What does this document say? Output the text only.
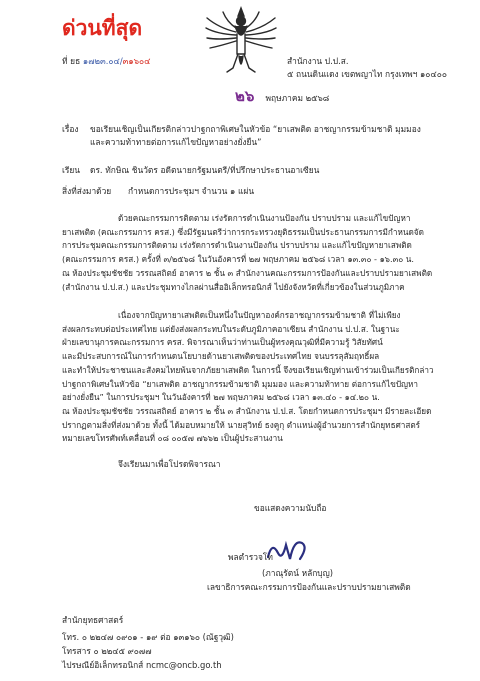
ด่วนที่สุด
ที่ ยธ ๑๗๒๓.๐๔/๓๑๖๐๔	สำนักงาน ป.ป.ส.
๕ ถนนดินแดง เขตพญาไท กรุงเทพฯ ๑๐๔๐๐
๒๖ พฤษภาคม ๒๕๖๘
เรื่อง ขอเรียนเชิญเป็นเกียรติกล่าวปาฐกถาพิเศษในหัวข้อ “ยาเสพติด อาชญากรรมข้ามชาติ มุมมอง
และความท้าทายต่อการแก้ไขปัญหาอย่างยั่งยืน”
เรียน ดร. ทักษิณ ชินวัตร อดีตนายกรัฐมนตรี/ที่ปรึกษาประธานอาเซียน
สิ่งที่ส่งมาด้วย กำหนดการประชุมฯ จำนวน ๑ แผ่น
ด้วยคณะกรรมการติดตาม เร่งรัดการดำเนินงานป้องกัน ปราบปราม และแก้ไขปัญหา
ยาเสพติด (คณะกรรมการ ครส.) ซึ่งมีรัฐมนตรีว่าการกระทรวงยุติธรรมเป็นประธานกรรมการมีกำหนดจัด
การประชุมคณะกรรมการติดตาม เร่งรัดการดำเนินงานป้องกัน ปราบปราม และแก้ไขปัญหายาเสพติด
(คณะกรรมการ ครส.) ครั้งที่ ๓/๒๕๖๘ ในวันอังคารที่ ๒๗ พฤษภาคม ๒๕๖๘ เวลา ๑๓.๓๐ - ๑๖.๓๐ น.
ณ ห้องประชุมชัชชัย วรรณสถิตย์ อาคาร ๒ ชั้น ๓ สำนักงานคณะกรรมการป้องกันและปราบปรามยาเสพติด
(สำนักงาน ป.ป.ส.) และประชุมทางไกลผ่านสื่ออิเล็กทรอนิกส์ ไปยังจังหวัดที่เกี่ยวข้องในส่วนภูมิภาค
เนื่องจากปัญหายาเสพติดเป็นหนึ่งในปัญหาองค์กรอาชญากรรมข้ามชาติ ที่ไม่เพียง
ส่งผลกระทบต่อประเทศไทย แต่ยังส่งผลกระทบในระดับภูมิภาคอาเซียน สำนักงาน ป.ป.ส. ในฐานะ
ฝ่ายเลขานุการคณะกรรมการ ครส. พิจารณาเห็นว่าท่านเป็นผู้ทรงคุณวุฒิที่มีความรู้ วิสัยทัศน์
และมีประสบการณ์ในการกำหนดนโยบายด้านยาเสพติดของประเทศไทย จนบรรลุสัมฤทธิ์ผล
และทำให้ประชาชนและสังคมไทยพ้นจากภัยยาเสพติด ในการนี้ จึงขอเรียนเชิญท่านเข้าร่วมเป็นเกียรติกล่าว
ปาฐกถาพิเศษในหัวข้อ “ยาเสพติด อาชญากรรมข้ามชาติ มุมมอง และความท้าทาย ต่อการแก้ไขปัญหา
อย่างยั่งยืน” ในการประชุมฯ ในวันอังคารที่ ๒๗ พฤษภาคม ๒๕๖๘ เวลา ๑๓.๔๐ - ๑๔.๒๐ น.
ณ ห้องประชุมชัชชัย วรรณสถิตย์ อาคาร ๒ ชั้น ๓ สำนักงาน ป.ป.ส. โดยกำหนดการประชุมฯ มีรายละเอียด
ปรากฏตามสิ่งที่ส่งมาด้วย ทั้งนี้ ได้มอบหมายให้ นายสุวิทย์ ธงคูกุ ตำแหน่งผู้อำนวยการสำนักยุทธศาสตร์
หมายเลขโทรศัพท์เคลื่อนที่ ๐๘ ๐๐๕๗ ๗๖๖๒ เป็นผู้ประสานงาน
จึงเรียนมาเพื่อโปรดพิจารณา
ขอแสดงความนับถือ
พลตำรวจโท
(ภาณุรัตน์ หลักบุญ)
เลขาธิการคณะกรรมการป้องกันและปราบปรามยาเสพติด
สำนักยุทธศาสตร์
โทร. ๐ ๒๒๔๗ ๐๙๐๑ - ๑๙ ต่อ ๑๓๑๖๐ (ณัฐวุฒิ)
โทรสาร ๐ ๒๒๔๕ ๙๐๗๗
ไปรษณีย์อิเล็กทรอนิกส์ ncmc@oncb.go.th
